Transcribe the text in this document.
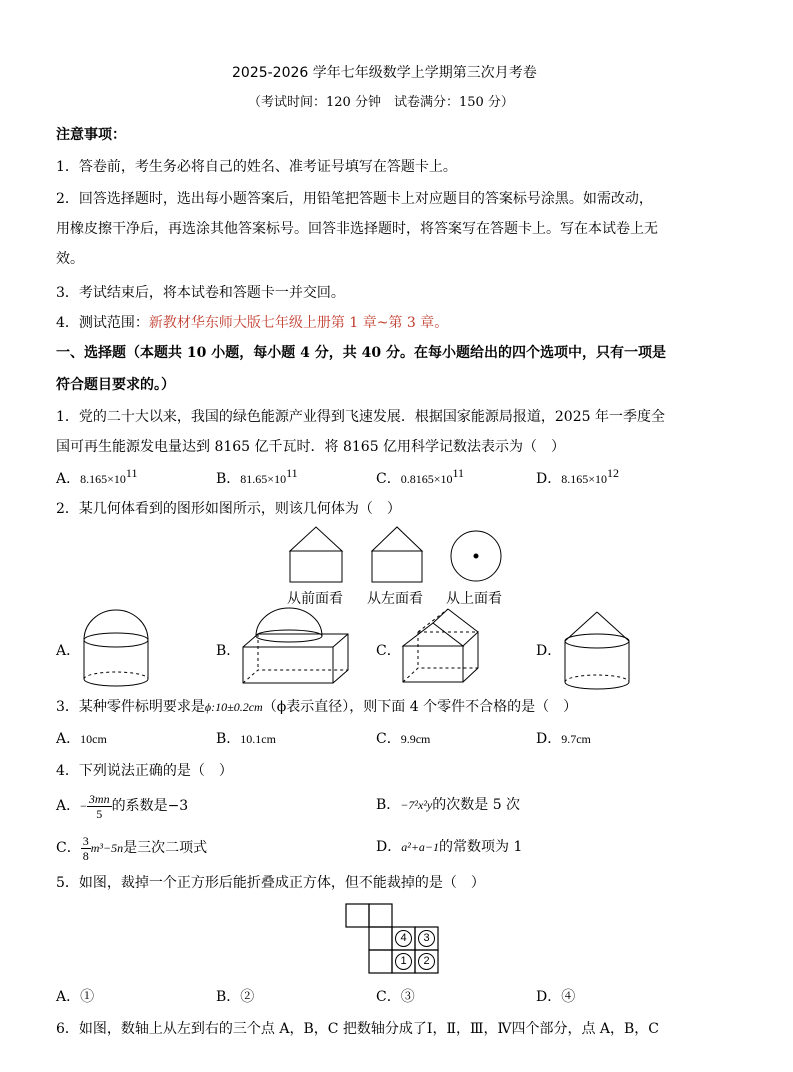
2025-2026 学年七年级数学上学期第三次月考卷
（考试时间：120 分钟　试卷满分：150 分）
注意事项：
1．答卷前，考生务必将自己的姓名、准考证号填写在答题卡上。
2．回答选择题时，选出每小题答案后，用铅笔把答题卡上对应题目的答案标号涂黑。如需改动，
用橡皮擦干净后，再选涂其他答案标号。回答非选择题时，将答案写在答题卡上。写在本试卷上无
效。
3．考试结束后，将本试卷和答题卡一并交回。
4．测试范围：新教材华东师大版七年级上册第 1 章~第 3 章。
一、选择题（本题共 10 小题，每小题 4 分，共 40 分。在每小题给出的四个选项中，只有一项是
符合题目要求的。）
1．党的二十大以来，我国的绿色能源产业得到飞速发展．根据国家能源局报道，2025 年一季度全
国可再生能源发电量达到 8165 亿千瓦时．将 8165 亿用科学记数法表示为（　）
A．$8.165\times 10^{11}$	B．$81.65\times 10^{11}$	C．$0.8165\times 10^{11}$	D．$8.165\times 10^{12}$
2．某几何体看到的图形如图所示，则该几何体为（　）
从前面看 从左面看 从上面看
A．	B．	C．	D．
3．某种零件标明要求是ϕ:10±0.2cm（ϕ表示直径），则下面 4 个零件不合格的是（　）
A．10cm	B．10.1cm	C．9.9cm	D．9.7cm
4．下列说法正确的是（　）
A．− $\frac{3mn}{5}$ 的系数是−3	B．−7²x²y的次数是 5 次
C． $\frac{3}{8} m^3-5n$是三次二项式	D．a²+a−1的常数项为 1
5．如图，裁掉一个正方形后能折叠成正方体，但不能裁掉的是（　）
4	3
1	2
A．①	B．②	C．③	D．④
6．如图，数轴上从左到右的三个点 A，B，C 把数轴分成了Ⅰ，Ⅱ，Ⅲ，Ⅳ四个部分，点 A，B，C
